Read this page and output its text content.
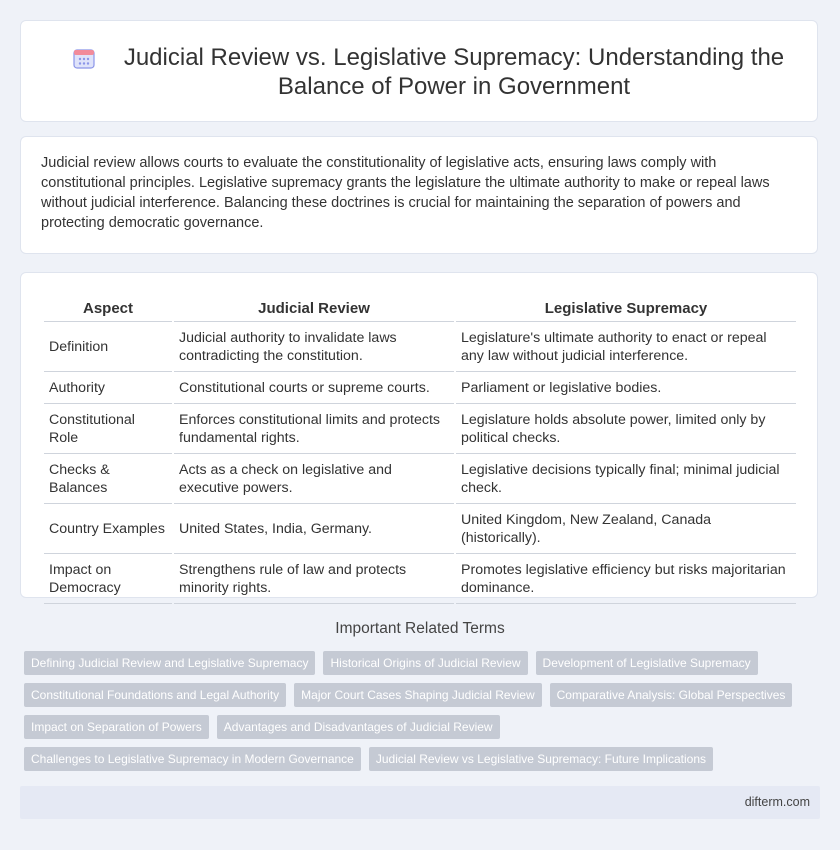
Judicial Review vs. Legislative Supremacy: Understanding the Balance of Power in Government

Judicial review allows courts to evaluate the constitutionality of legislative acts, ensuring laws comply with constitutional principles. Legislative supremacy grants the legislature the ultimate authority to make or repeal laws without judicial interference. Balancing these doctrines is crucial for maintaining the separation of powers and protecting democratic governance.

Aspect	Judicial Review	Legislative Supremacy
Definition	Judicial authority to invalidate laws contradicting the constitution.	Legislature's ultimate authority to enact or repeal any law without judicial interference.
Authority	Constitutional courts or supreme courts.	Parliament or legislative bodies.
Constitutional Role	Enforces constitutional limits and protects fundamental rights.	Legislature holds absolute power, limited only by political checks.
Checks & Balances	Acts as a check on legislative and executive powers.	Legislative decisions typically final; minimal judicial check.
Country Examples	United States, India, Germany.	United Kingdom, New Zealand, Canada (historically).
Impact on Democracy	Strengthens rule of law and protects minority rights.	Promotes legislative efficiency but risks majoritarian dominance.
Important Related Terms
Defining Judicial Review and Legislative Supremacy	Historical Origins of Judicial Review	Development of Legislative Supremacy
Constitutional Foundations and Legal Authority	Major Court Cases Shaping Judicial Review	Comparative Analysis: Global Perspectives
Impact on Separation of Powers	Advantages and Disadvantages of Judicial Review
Challenges to Legislative Supremacy in Modern Governance	Judicial Review vs Legislative Supremacy: Future Implications
difterm.com
